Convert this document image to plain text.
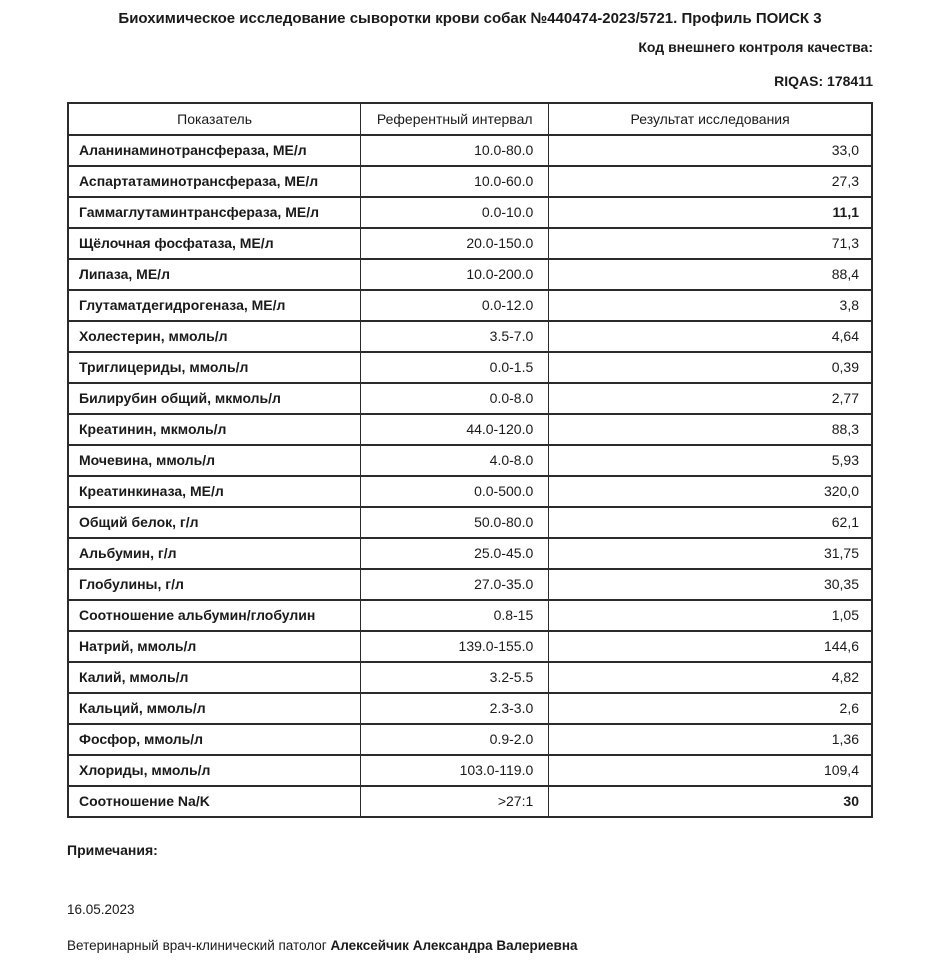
Биохимическое исследование сыворотки крови собак №440474-2023/5721. Профиль ПОИСК 3
Код внешнего контроля качества:
RIQAS: 178411
Показатель	Референтный интервал	Результат исследования
Аланинаминотрансфераза, МЕ/л	10.0-80.0	33,0
Аспартатаминотрансфераза, МЕ/л	10.0-60.0	27,3
Гаммаглутаминтрансфераза, МЕ/л	0.0-10.0	11,1
Щёлочная фосфатаза, МЕ/л	20.0-150.0	71,3
Липаза, МЕ/л	10.0-200.0	88,4
Глутаматдегидрогеназа, МЕ/л	0.0-12.0	3,8
Холестерин, ммоль/л	3.5-7.0	4,64
Триглицериды, ммоль/л	0.0-1.5	0,39
Билирубин общий, мкмоль/л	0.0-8.0	2,77
Креатинин, мкмоль/л	44.0-120.0	88,3
Мочевина, ммоль/л	4.0-8.0	5,93
Креатинкиназа, МЕ/л	0.0-500.0	320,0
Общий белок, г/л	50.0-80.0	62,1
Альбумин, г/л	25.0-45.0	31,75
Глобулины, г/л	27.0-35.0	30,35
Соотношение альбумин/глобулин	0.8-15	1,05
Натрий, ммоль/л	139.0-155.0	144,6
Калий, ммоль/л	3.2-5.5	4,82
Кальций, ммоль/л	2.3-3.0	2,6
Фосфор, ммоль/л	0.9-2.0	1,36
Хлориды, ммоль/л	103.0-119.0	109,4
Соотношение Na/K	>27:1	30
Примечания:
16.05.2023
Ветеринарный врач-клинический патолог Алексейчик Александра Валериевна
